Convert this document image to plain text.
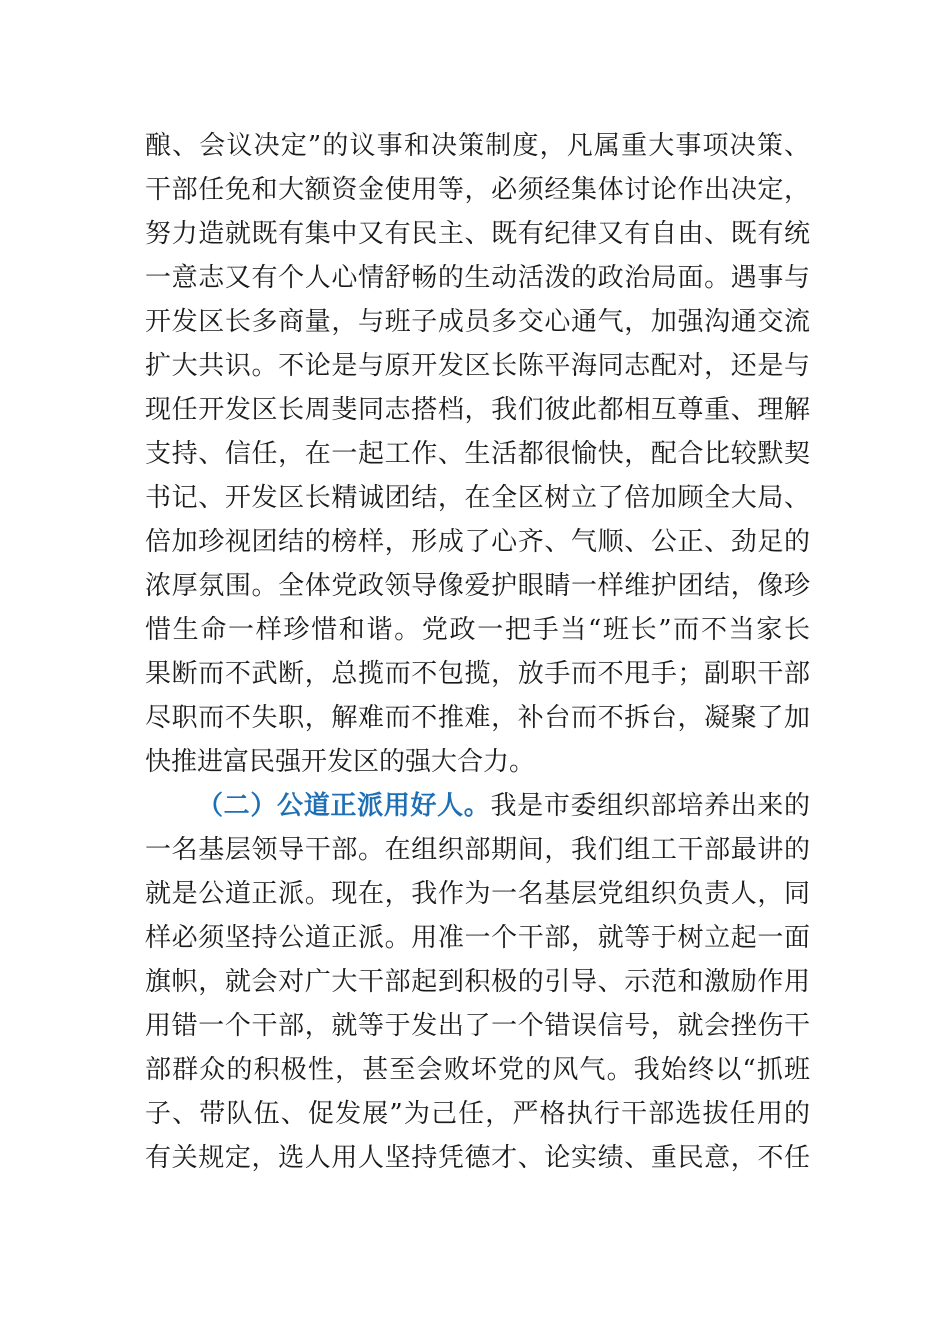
酿、会议决定”的议事和决策制度，凡属重大事项决策、
干部任免和大额资金使用等，必须经集体讨论作出决定，
努力造就既有集中又有民主、既有纪律又有自由、既有统
一意志又有个人心情舒畅的生动活泼的政治局面。遇事与
开发区长多商量，与班子成员多交心通气，加强沟通交流
扩大共识。不论是与原开发区长陈平海同志配对，还是与
现任开发区长周斐同志搭档，我们彼此都相互尊重、理解
支持、信任，在一起工作、生活都很愉快，配合比较默契
书记、开发区长精诚团结，在全区树立了倍加顾全大局、
倍加珍视团结的榜样，形成了心齐、气顺、公正、劲足的
浓厚氛围。全体党政领导像爱护眼睛一样维护团结，像珍
惜生命一样珍惜和谐。党政一把手当“班长”而不当家长
果断而不武断，总揽而不包揽，放手而不甩手；副职干部
尽职而不失职，解难而不推难，补台而不拆台，凝聚了加
快推进富民强开发区的强大合力。
（二）公道正派用好人。我是市委组织部培养出来的
一名基层领导干部。在组织部期间，我们组工干部最讲的
就是公道正派。现在，我作为一名基层党组织负责人，同
样必须坚持公道正派。用准一个干部，就等于树立起一面
旗帜，就会对广大干部起到积极的引导、示范和激励作用
用错一个干部，就等于发出了一个错误信号，就会挫伤干
部群众的积极性，甚至会败坏党的风气。我始终以“抓班
子、带队伍、促发展”为己任，严格执行干部选拔任用的
有关规定，选人用人坚持凭德才、论实绩、重民意，不任
